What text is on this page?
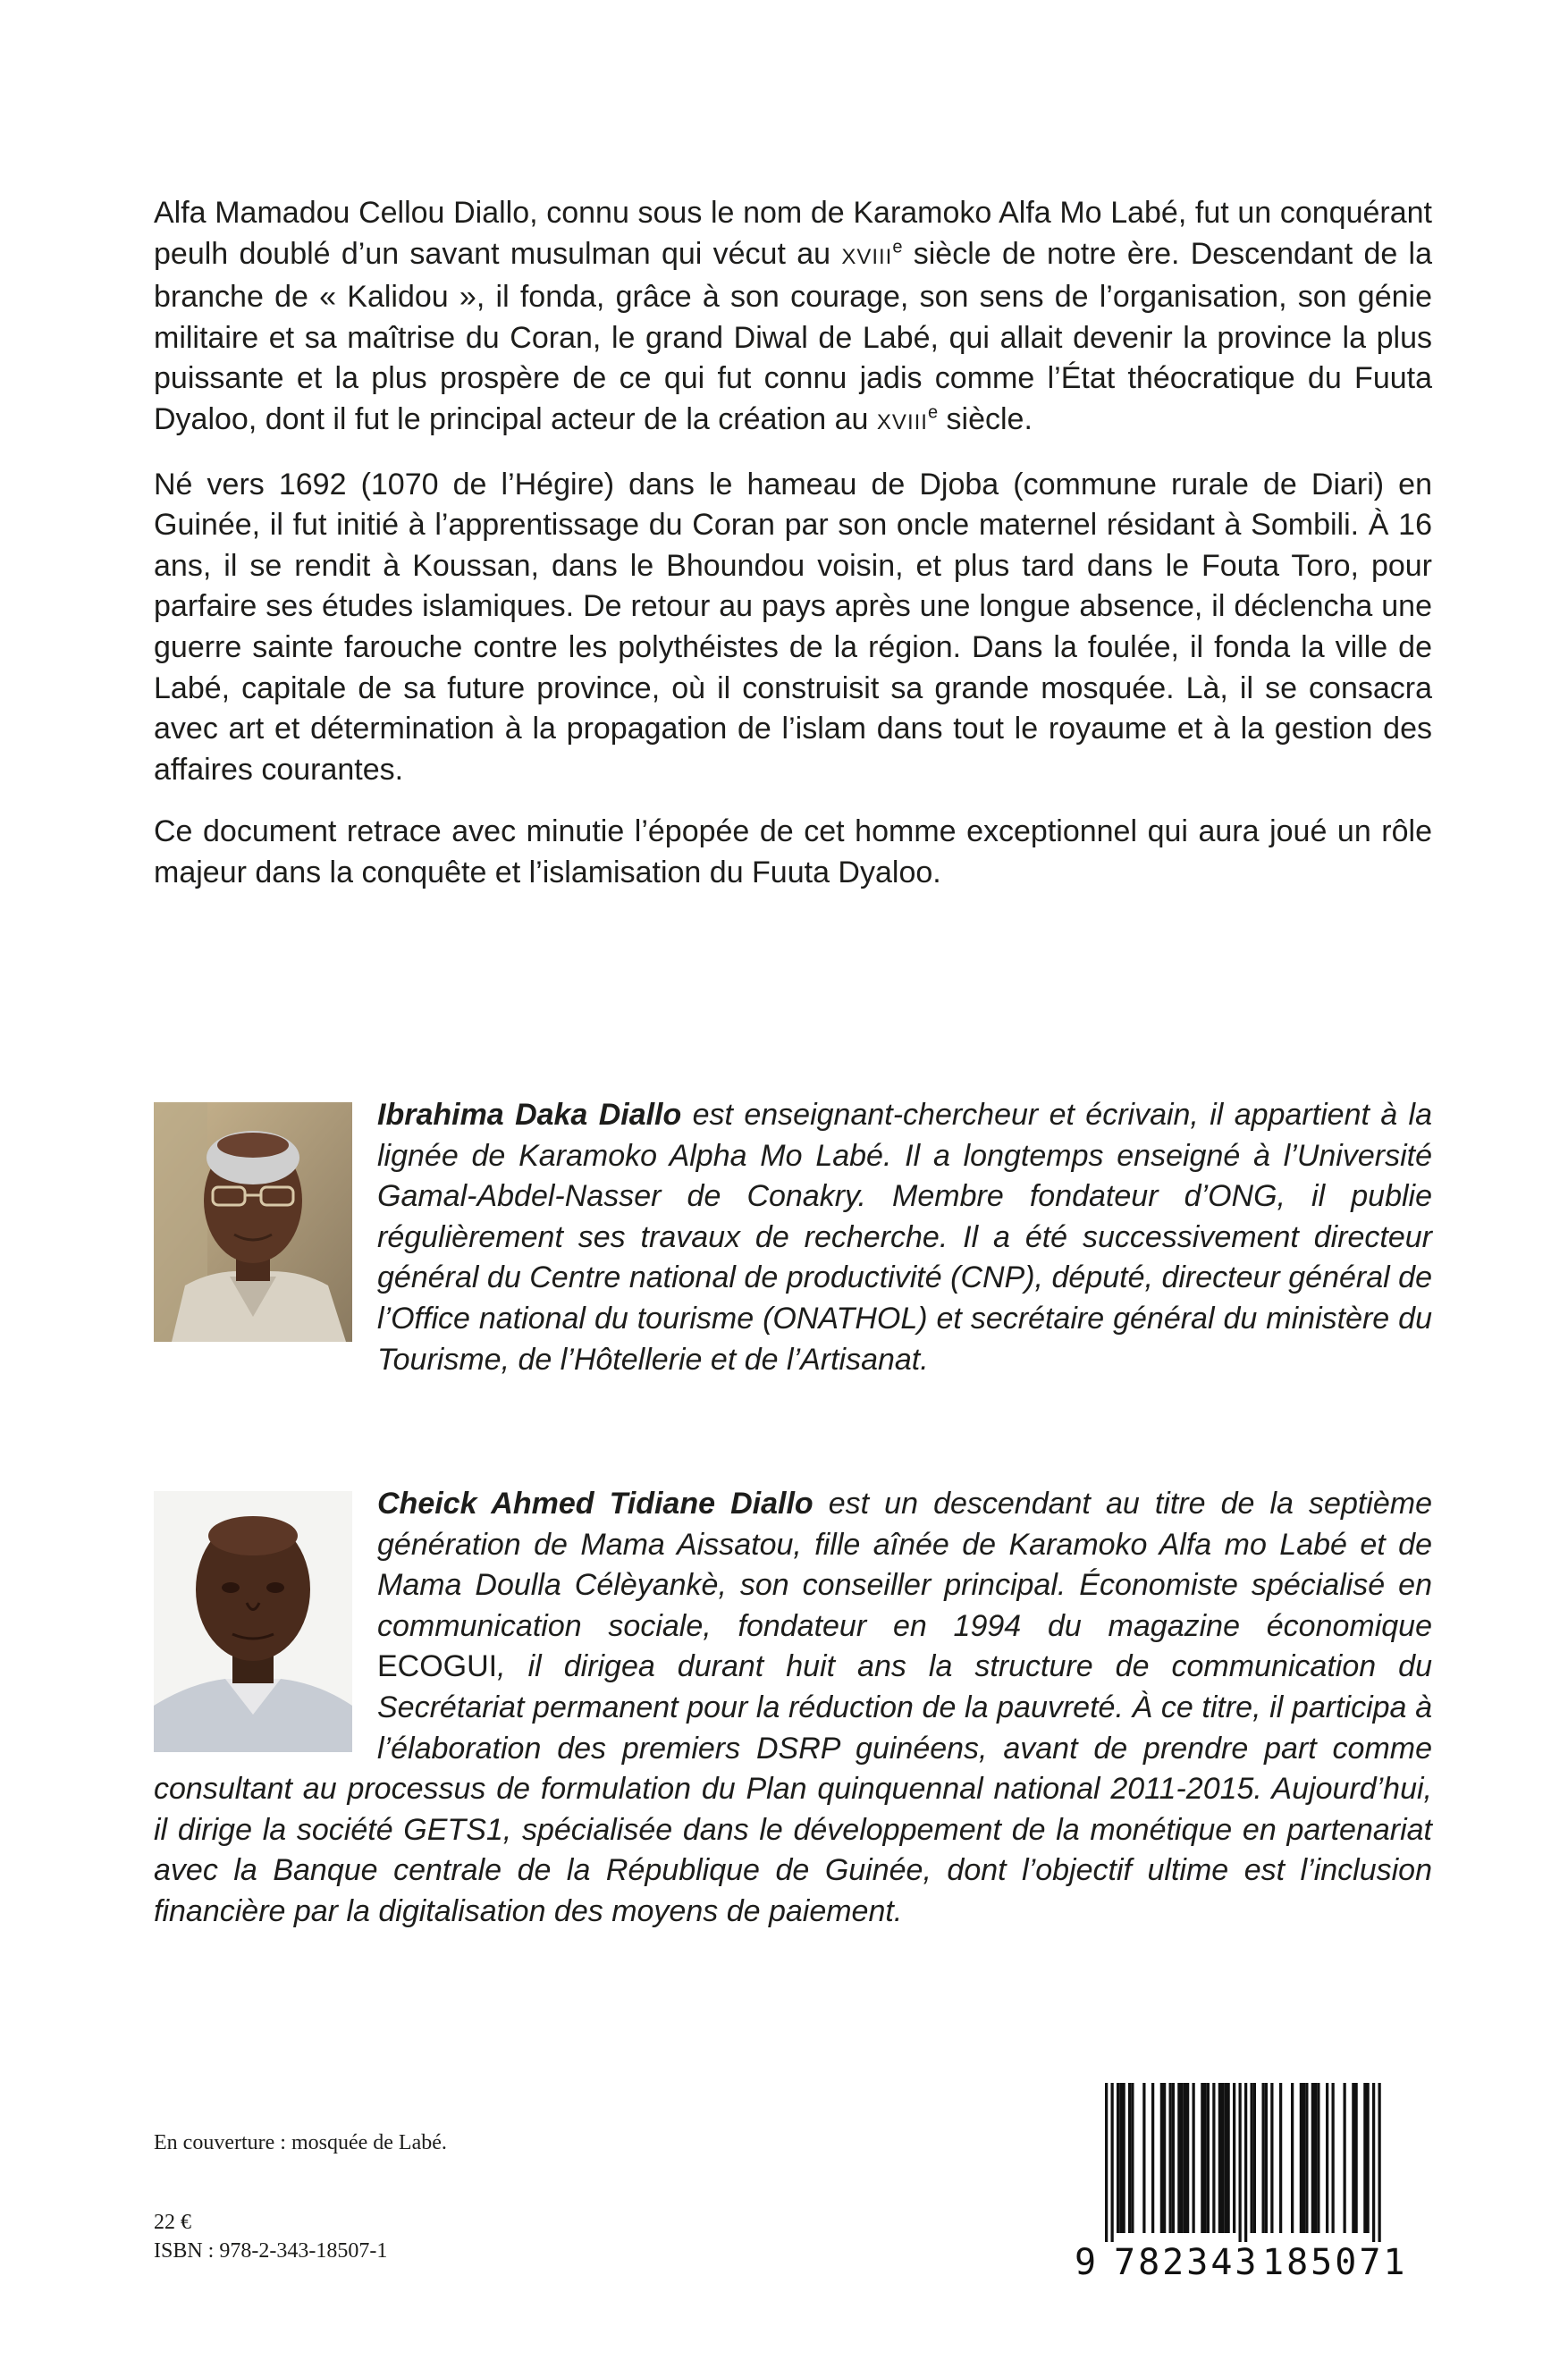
Alfa Mamadou Cellou Diallo, connu sous le nom de Karamoko Alfa Mo Labé, fut un conquérant peulh doublé d’un savant musulman qui vécut au XVIIIe siècle de notre ère. Descendant de la branche de « Kalidou », il fonda, grâce à son courage, son sens de l’organisation, son génie militaire et sa maîtrise du Coran, le grand Diwal de Labé, qui allait devenir la province la plus puissante et la plus prospère de ce qui fut connu jadis comme l’État théocratique du Fuuta Dyaloo, dont il fut le principal acteur de la création au XVIIIe siècle.

Né vers 1692 (1070 de l’Hégire) dans le hameau de Djoba (commune rurale de Diari) en Guinée, il fut initié à l’apprentissage du Coran par son oncle maternel résidant à Sombili. À 16 ans, il se rendit à Koussan, dans le Bhoundou voisin, et plus tard dans le Fouta Toro, pour parfaire ses études islamiques. De retour au pays après une longue absence, il déclencha une guerre sainte farouche contre les polythéistes de la région. Dans la foulée, il fonda la ville de Labé, capitale de sa future province, où il construisit sa grande mosquée. Là, il se consacra avec art et détermination à la propagation de l’islam dans tout le royaume et à la gestion des affaires courantes.

Ce document retrace avec minutie l’épopée de cet homme exceptionnel qui aura joué un rôle majeur dans la conquête et l’islamisation du Fuuta Dyaloo.

Ibrahima Daka Diallo est enseignant-chercheur et écrivain, il appartient à la lignée de Karamoko Alpha Mo Labé. Il a longtemps enseigné à l’Université Gamal-Abdel-Nasser de Conakry. Membre fondateur d’ONG, il publie régulièrement ses travaux de recherche. Il a été successivement directeur général du Centre national de productivité (CNP), député, directeur général de l’Office national du tourisme (ONATHOL) et secrétaire général du ministère du Tourisme, de l’Hôtellerie et de l’Artisanat.

Cheick Ahmed Tidiane Diallo est un descendant au titre de la septième génération de Mama Aissatou, fille aînée de Karamoko Alfa mo Labé et de Mama Doulla Célèyankè, son conseiller principal. Économiste spécialisé en communication sociale, fondateur en 1994 du magazine économique ECOGUI, il dirigea durant huit ans la structure de communication du Secrétariat permanent pour la réduction de la pauvreté. À ce titre, il participa à l’élaboration des premiers DSRP guinéens, avant de prendre part comme consultant au processus de formulation du Plan quinquennal national 2011-2015. Aujourd’hui, il dirige la société GETS1, spécialisée dans le développement de la monétique en partenariat avec la Banque centrale de la République de Guinée, dont l’objectif ultime est l’inclusion financière par la digitalisation des moyens de paiement.

En couverture : mosquée de Labé.
22 €
ISBN : 978-2-343-18507-1	9 782343 185071
